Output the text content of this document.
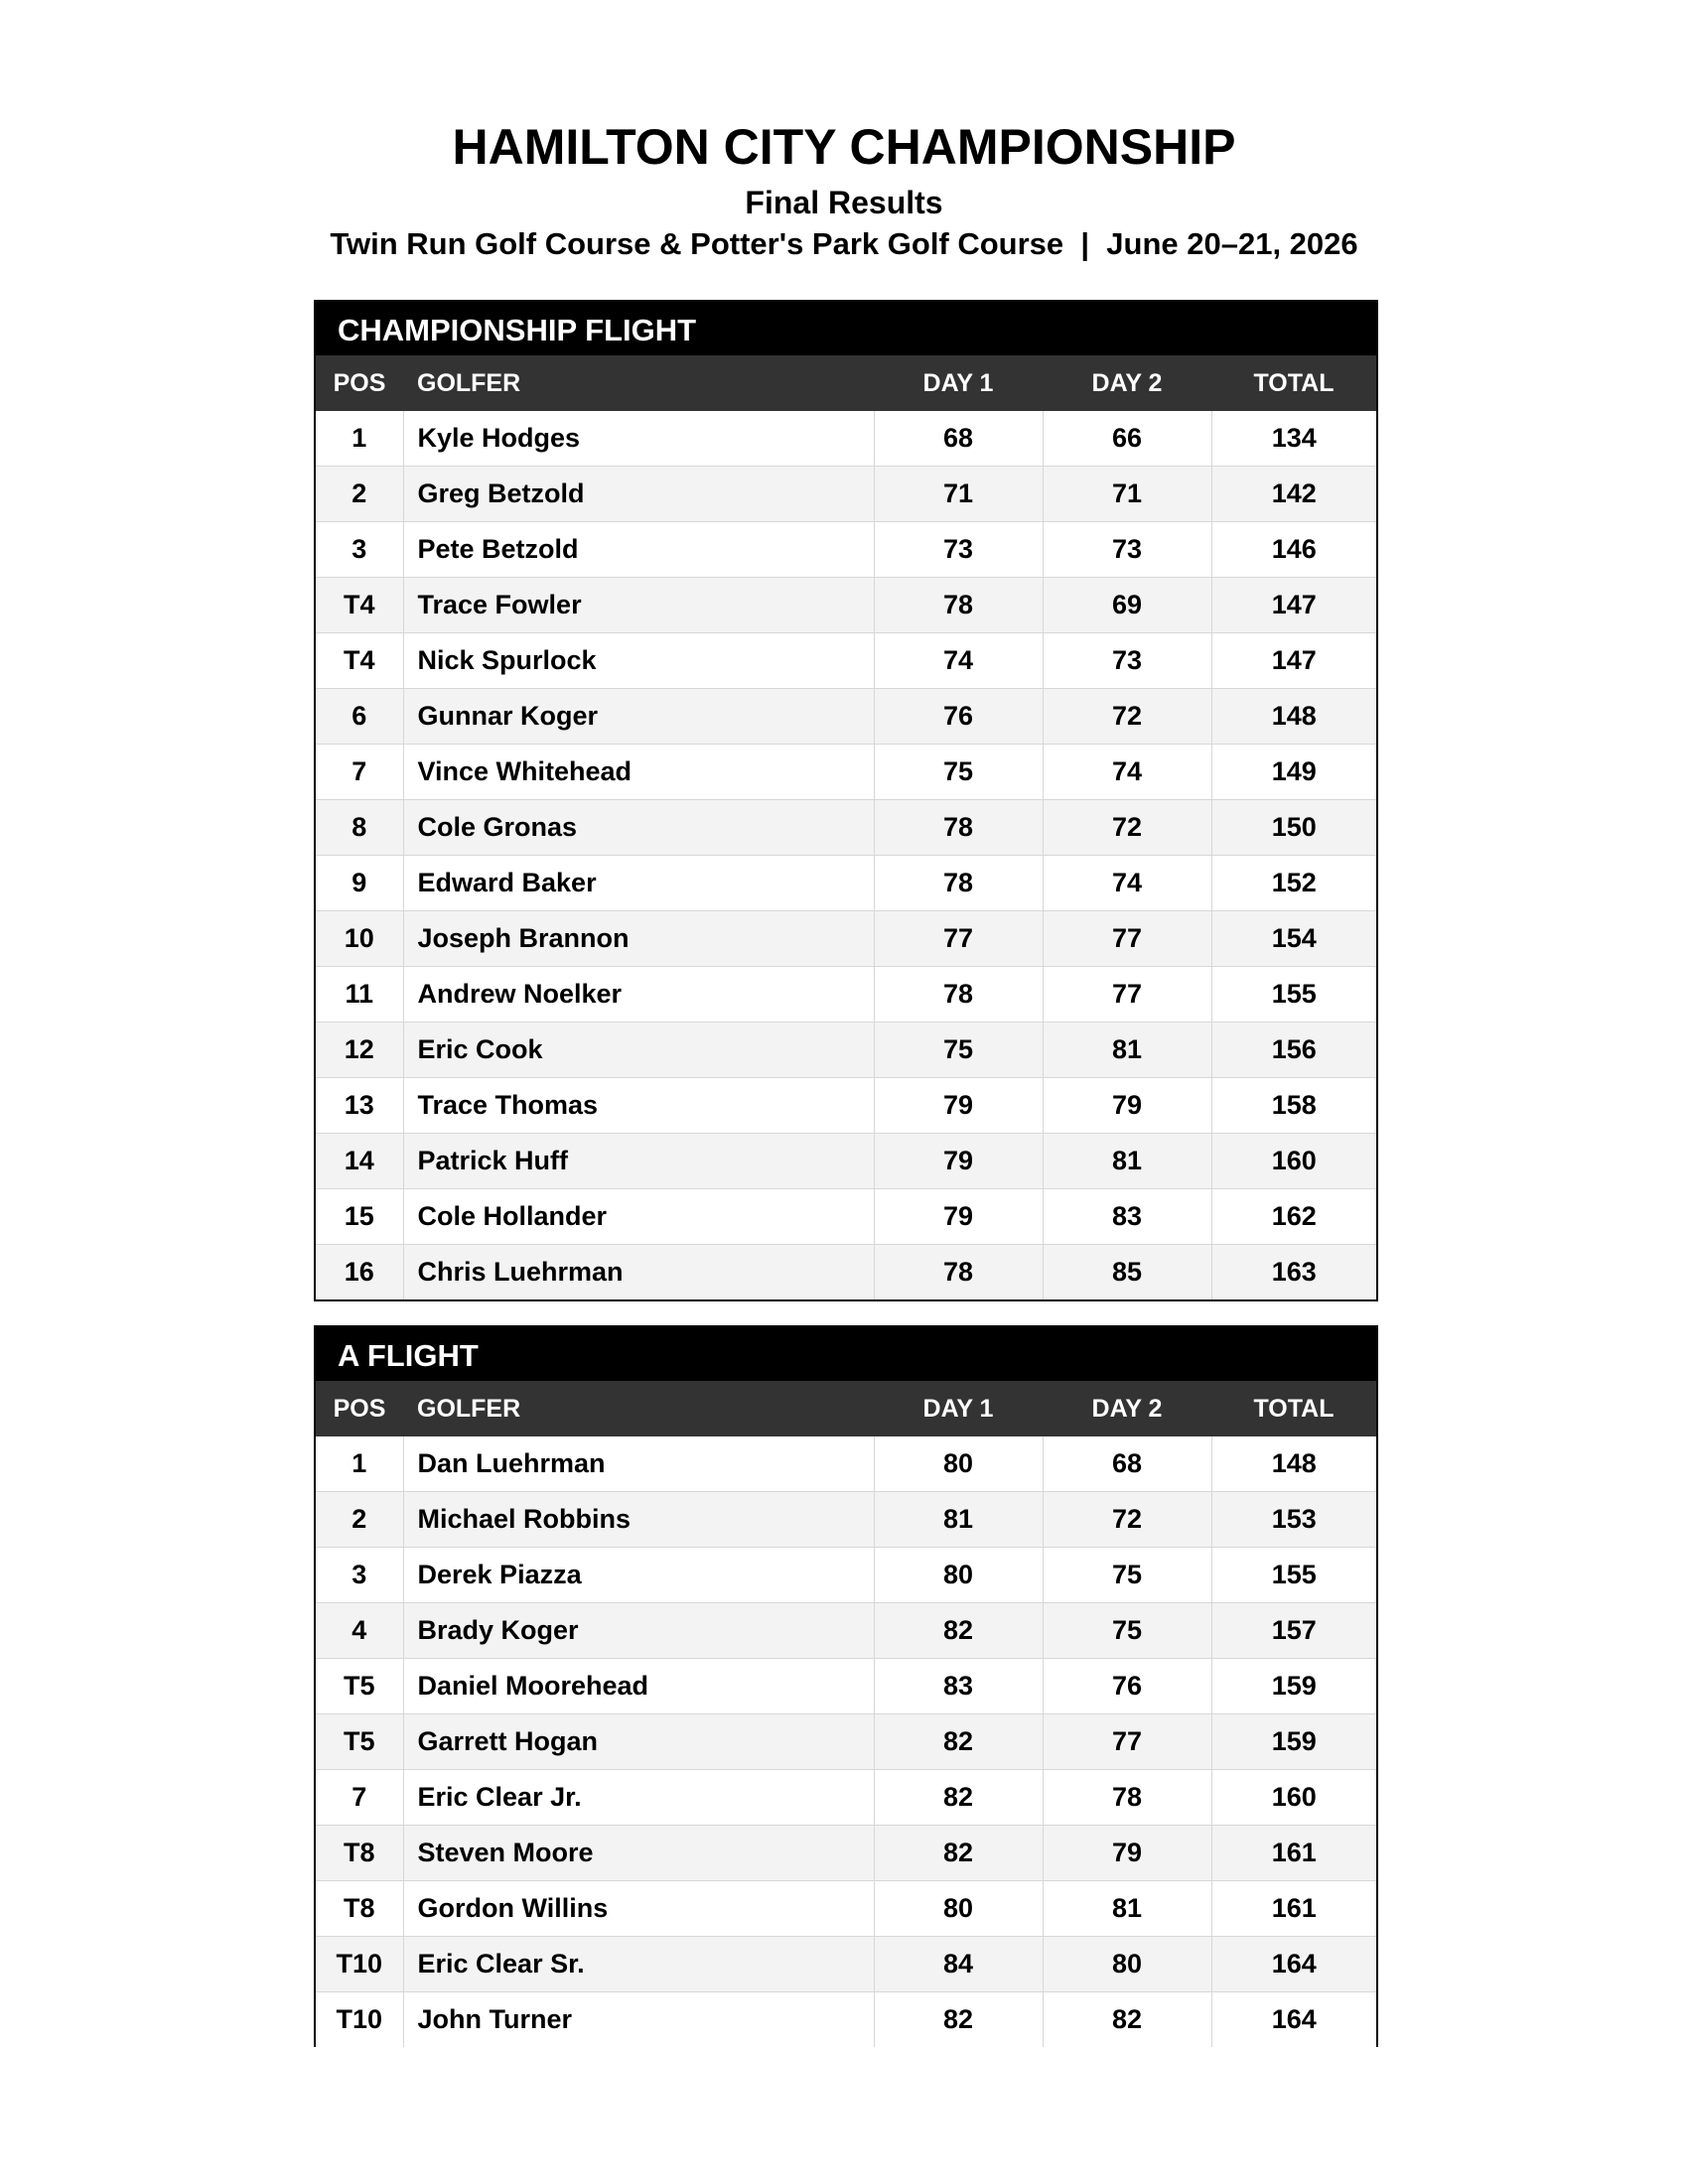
HAMILTON CITY CHAMPIONSHIP
Final Results
Twin Run Golf Course & Potter's Park Golf Course  |  June 20–21, 2026
CHAMPIONSHIP FLIGHT
POS	GOLFER	DAY 1	DAY 2	TOTAL
1	Kyle Hodges	68	66	134
2	Greg Betzold	71	71	142
3	Pete Betzold	73	73	146
T4	Trace Fowler	78	69	147
T4	Nick Spurlock	74	73	147
6	Gunnar Koger	76	72	148
7	Vince Whitehead	75	74	149
8	Cole Gronas	78	72	150
9	Edward Baker	78	74	152
10	Joseph Brannon	77	77	154
11	Andrew Noelker	78	77	155
12	Eric Cook	75	81	156
13	Trace Thomas	79	79	158
14	Patrick Huff	79	81	160
15	Cole Hollander	79	83	162
16	Chris Luehrman	78	85	163
A FLIGHT
POS	GOLFER	DAY 1	DAY 2	TOTAL
1	Dan Luehrman	80	68	148
2	Michael Robbins	81	72	153
3	Derek Piazza	80	75	155
4	Brady Koger	82	75	157
T5	Daniel Moorehead	83	76	159
T5	Garrett Hogan	82	77	159
7	Eric Clear Jr.	82	78	160
T8	Steven Moore	82	79	161
T8	Gordon Willins	80	81	161
T10	Eric Clear Sr.	84	80	164
T10	John Turner	82	82	164
